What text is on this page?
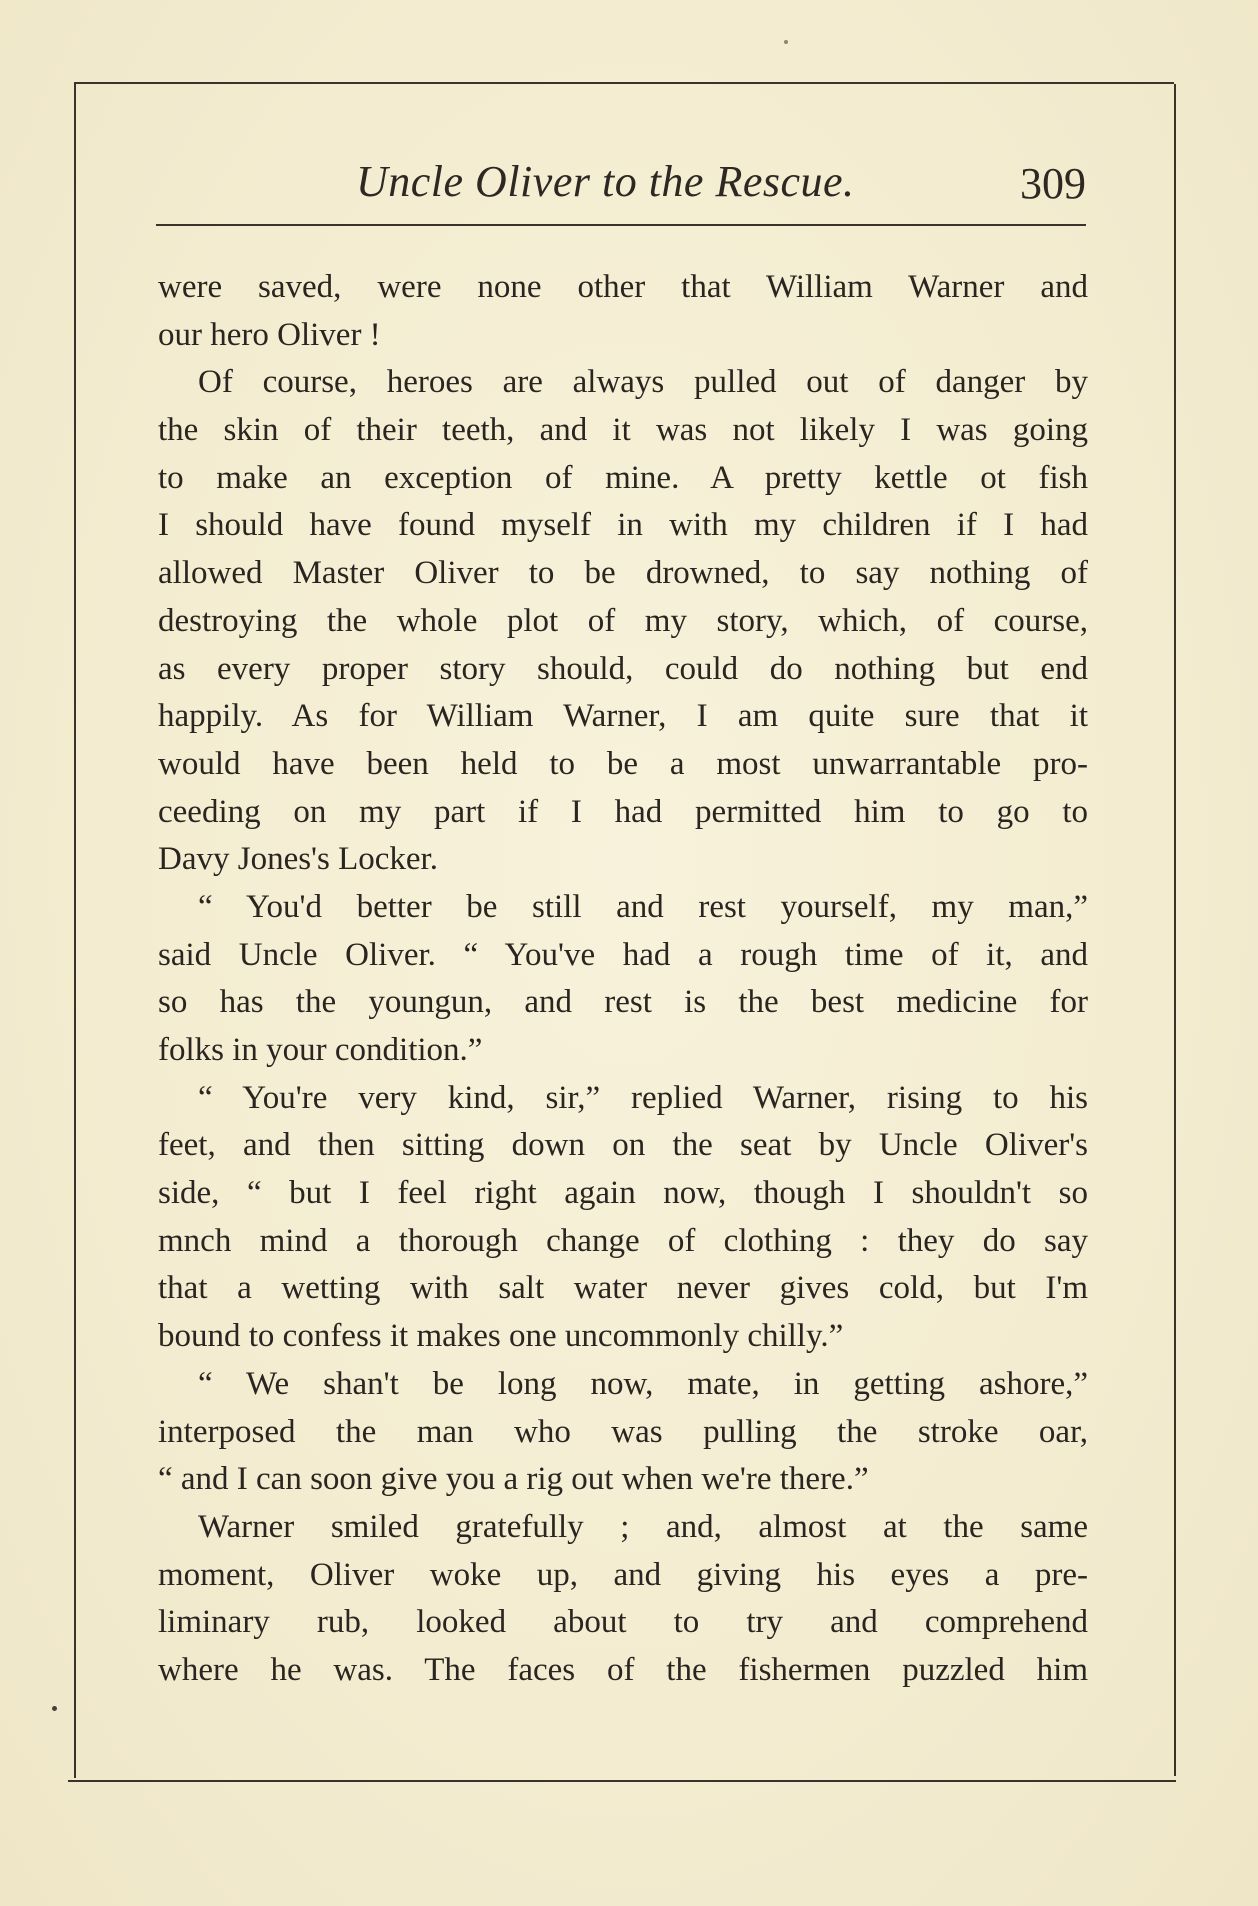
Uncle Oliver to the Rescue.	309
were saved, were none other that William Warner and
our hero Oliver !
Of course, heroes are always pulled out of danger by
the skin of their teeth, and it was not likely I was going
to make an exception of mine. A pretty kettle ot fish
I should have found myself in with my children if I had
allowed Master Oliver to be drowned, to say nothing of
destroying the whole plot of my story, which, of course,
as every proper story should, could do nothing but end
happily. As for William Warner, I am quite sure that it
would have been held to be a most unwarrantable pro-
ceeding on my part if I had permitted him to go to
Davy Jones's Locker.
“ You'd better be still and rest yourself, my man,”
said Uncle Oliver. “ You've had a rough time of it, and
so has the youngun, and rest is the best medicine for
folks in your condition.”
“ You're very kind, sir,” replied Warner, rising to his
feet, and then sitting down on the seat by Uncle Oliver's
side, “ but I feel right again now, though I shouldn't so
mnch mind a thorough change of clothing : they do say
that a wetting with salt water never gives cold, but I'm
bound to confess it makes one uncommonly chilly.”
“ We shan't be long now, mate, in getting ashore,”
interposed the man who was pulling the stroke oar,
“ and I can soon give you a rig out when we're there.”
Warner smiled gratefully ; and, almost at the same
moment, Oliver woke up, and giving his eyes a pre-
liminary rub, looked about to try and comprehend
where he was. The faces of the fishermen puzzled him
